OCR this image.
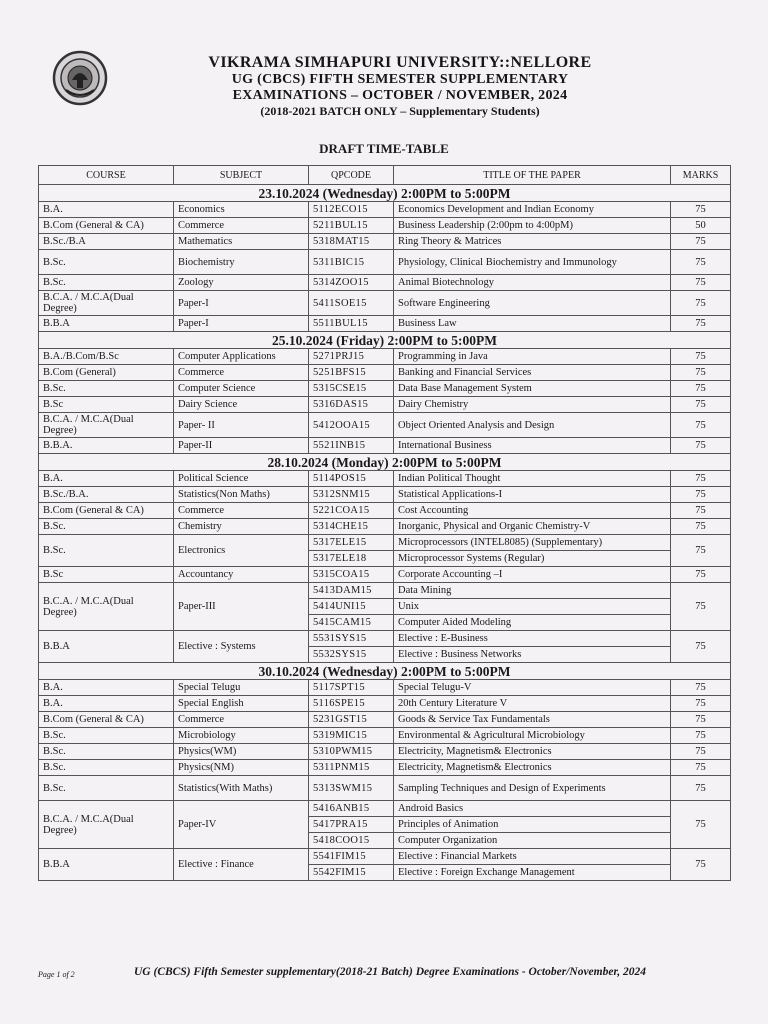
VIKRAMA SIMHAPURI UNIVERSITY::NELLORE
UG (CBCS) FIFTH SEMESTER SUPPLEMENTARY
EXAMINATIONS – OCTOBER / NOVEMBER, 2024
(2018-2021 BATCH ONLY – Supplementary Students)
DRAFT TIME-TABLE
COURSE	SUBJECT	QPCODE	TITLE OF THE PAPER	MARKS
23.10.2024 (Wednesday) 2:00PM to 5:00PM				
B.A.	Economics	5112ECO15	Economics Development and Indian Economy	75
B.Com (General & CA)	Commerce	5211BUL15	Business Leadership (2:00pm to 4:00pM)	50
B.Sc./B.A	Mathematics	5318MAT15	Ring Theory & Matrices	75
B.Sc.	Biochemistry	5311BIC15	Physiology, Clinical Biochemistry and Immunology	75
B.Sc.	Zoology	5314ZOO15	Animal Biotechnology	75
B.C.A. / M.C.A(Dual Degree)	Paper-I	5411SOE15	Software Engineering	75
B.B.A	Paper-I	5511BUL15	Business Law	75
25.10.2024 (Friday) 2:00PM to 5:00PM				
B.A./B.Com/B.Sc	Computer Applications	5271PRJ15	Programming in Java	75
B.Com (General)	Commerce	5251BFS15	Banking and Financial Services	75
B.Sc.	Computer Science	5315CSE15	Data Base Management System	75
B.Sc	Dairy Science	5316DAS15	Dairy Chemistry	75
B.C.A. / M.C.A(Dual Degree)	Paper- II	5412OOA15	Object Oriented Analysis and Design	75
B.B.A.	Paper-II	5521INB15	International Business	75
28.10.2024 (Monday) 2:00PM to 5:00PM				
B.A.	Political Science	5114POS15	Indian Political Thought	75
B.Sc./B.A.	Statistics(Non Maths)	5312SNM15	Statistical Applications-I	75
B.Com (General & CA)	Commerce	5221COA15	Cost Accounting	75
B.Sc.	Chemistry	5314CHE15	Inorganic, Physical and Organic Chemistry-V	75
B.Sc.	Electronics	5317ELE15	Microprocessors (INTEL8085) (Supplementary)	75
		5317ELE18	Microprocessor Systems (Regular)	
B.Sc	Accountancy	5315COA15	Corporate Accounting –I	75
B.C.A. / M.C.A(Dual Degree)	Paper-III	5413DAM15	Data Mining	75
		5414UNI15	Unix	
		5415CAM15	Computer Aided Modeling	
B.B.A	Elective : Systems	5531SYS15	Elective : E-Business	75
		5532SYS15	Elective : Business Networks	
30.10.2024 (Wednesday) 2:00PM to 5:00PM				
B.A.	Special Telugu	5117SPT15	Special Telugu-V	75
B.A.	Special English	5116SPE15	20th Century Literature V	75
B.Com (General & CA)	Commerce	5231GST15	Goods & Service Tax Fundamentals	75
B.Sc.	Microbiology	5319MIC15	Environmental & Agricultural Microbiology	75
B.Sc.	Physics(WM)	5310PWM15	Electricity, Magnetism& Electronics	75
B.Sc.	Physics(NM)	5311PNM15	Electricity, Magnetism& Electronics	75
B.Sc.	Statistics(With Maths)	5313SWM15	Sampling Techniques and Design of Experiments	75
B.C.A. / M.C.A(Dual Degree)	Paper-IV	5416ANB15	Android Basics	75
		5417PRA15	Principles of Animation	
		5418COO15	Computer Organization	
B.B.A	Elective : Finance	5541FIM15	Elective : Financial Markets	75
		5542FIM15	Elective : Foreign Exchange Management	
Page 1 of 2	UG (CBCS) Fifth Semester supplementary(2018-21 Batch) Degree Examinations - October/November, 2024
